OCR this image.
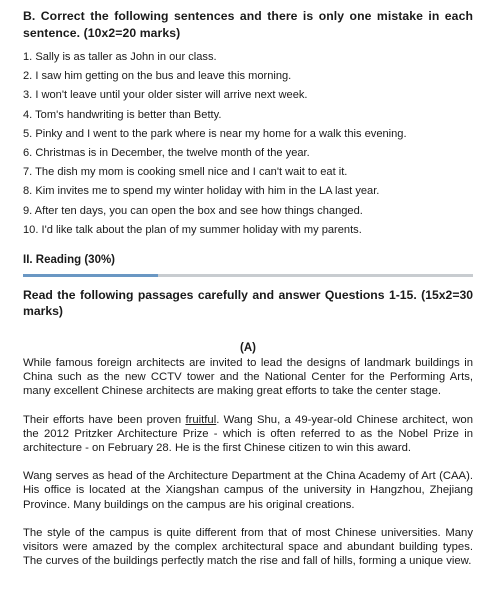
B. Correct the following sentences and there is only one mistake in each sentence. (10x2=20 marks)

1. Sally is as taller as John in our class.
2. I saw him getting on the bus and leave this morning.
3. I won't leave until your older sister will arrive next week.
4. Tom's handwriting is better than Betty.
5. Pinky and I went to the park where is near my home for a walk this evening.
6. Christmas is in December, the twelve month of the year.
7. The dish my mom is cooking smell nice and I can't wait to eat it.
8. Kim invites me to spend my winter holiday with him in the LA last year.
9. After ten days, you can open the box and see how things changed.
10. I'd like talk about the plan of my summer holiday with my parents.
II. Reading (30%)

Read the following passages carefully and answer Questions 1-15. (15x2=30 marks)

(A)

While famous foreign architects are invited to lead the designs of landmark buildings in China such as the new CCTV tower and the National Center for the Performing Arts, many excellent Chinese architects are making great efforts to take the center stage.

Their efforts have been proven fruitful. Wang Shu, a 49-year-old Chinese architect, won the 2012 Pritzker Architecture Prize - which is often referred to as the Nobel Prize in architecture - on February 28. He is the first Chinese citizen to win this award.

Wang serves as head of the Architecture Department at the China Academy of Art (CAA). His office is located at the Xiangshan campus of the university in Hangzhou, Zhejiang Province. Many buildings on the campus are his original creations.

The style of the campus is quite different from that of most Chinese universities. Many visitors were amazed by the complex architectural space and abundant building types. The curves of the buildings perfectly match the rise and fall of hills, forming a unique view.
